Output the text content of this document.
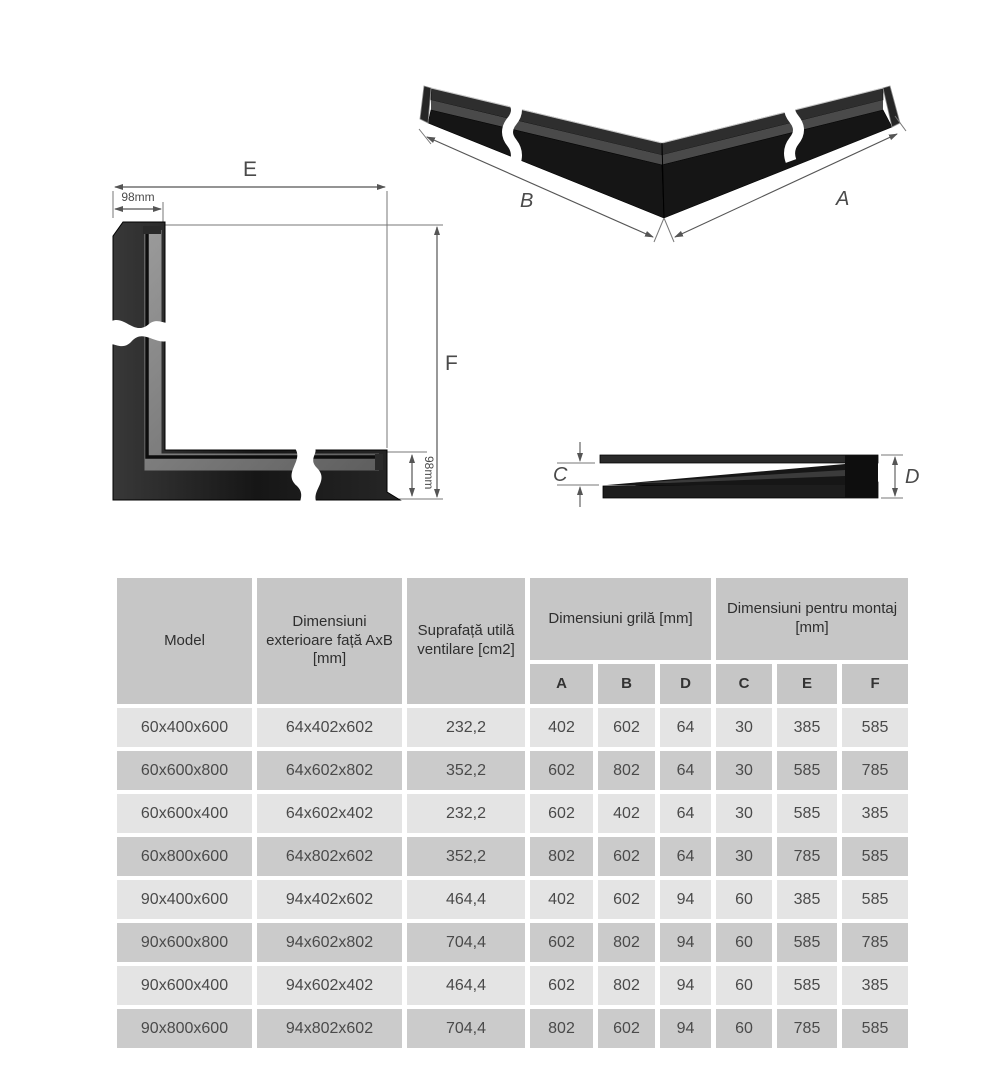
E
98mm
F
98mm
B	A
C	D
Model	Dimensiuni exterioare față AxB [mm]	Suprafață utilă ventilare [cm2]	Dimensiuni grilă [mm]			Dimensiuni pentru montaj [mm]		
			A	B	D	C	E	F
60x400x600	64x402x602	232,2	402	602	64	30	385	585
60x600x800	64x602x802	352,2	602	802	64	30	585	785
60x600x400	64x602x402	232,2	602	402	64	30	585	385
60x800x600	64x802x602	352,2	802	602	64	30	785	585
90x400x600	94x402x602	464,4	402	602	94	60	385	585
90x600x800	94x602x802	704,4	602	802	94	60	585	785
90x600x400	94x602x402	464,4	602	802	94	60	585	385
90x800x600	94x802x602	704,4	802	602	94	60	785	585
